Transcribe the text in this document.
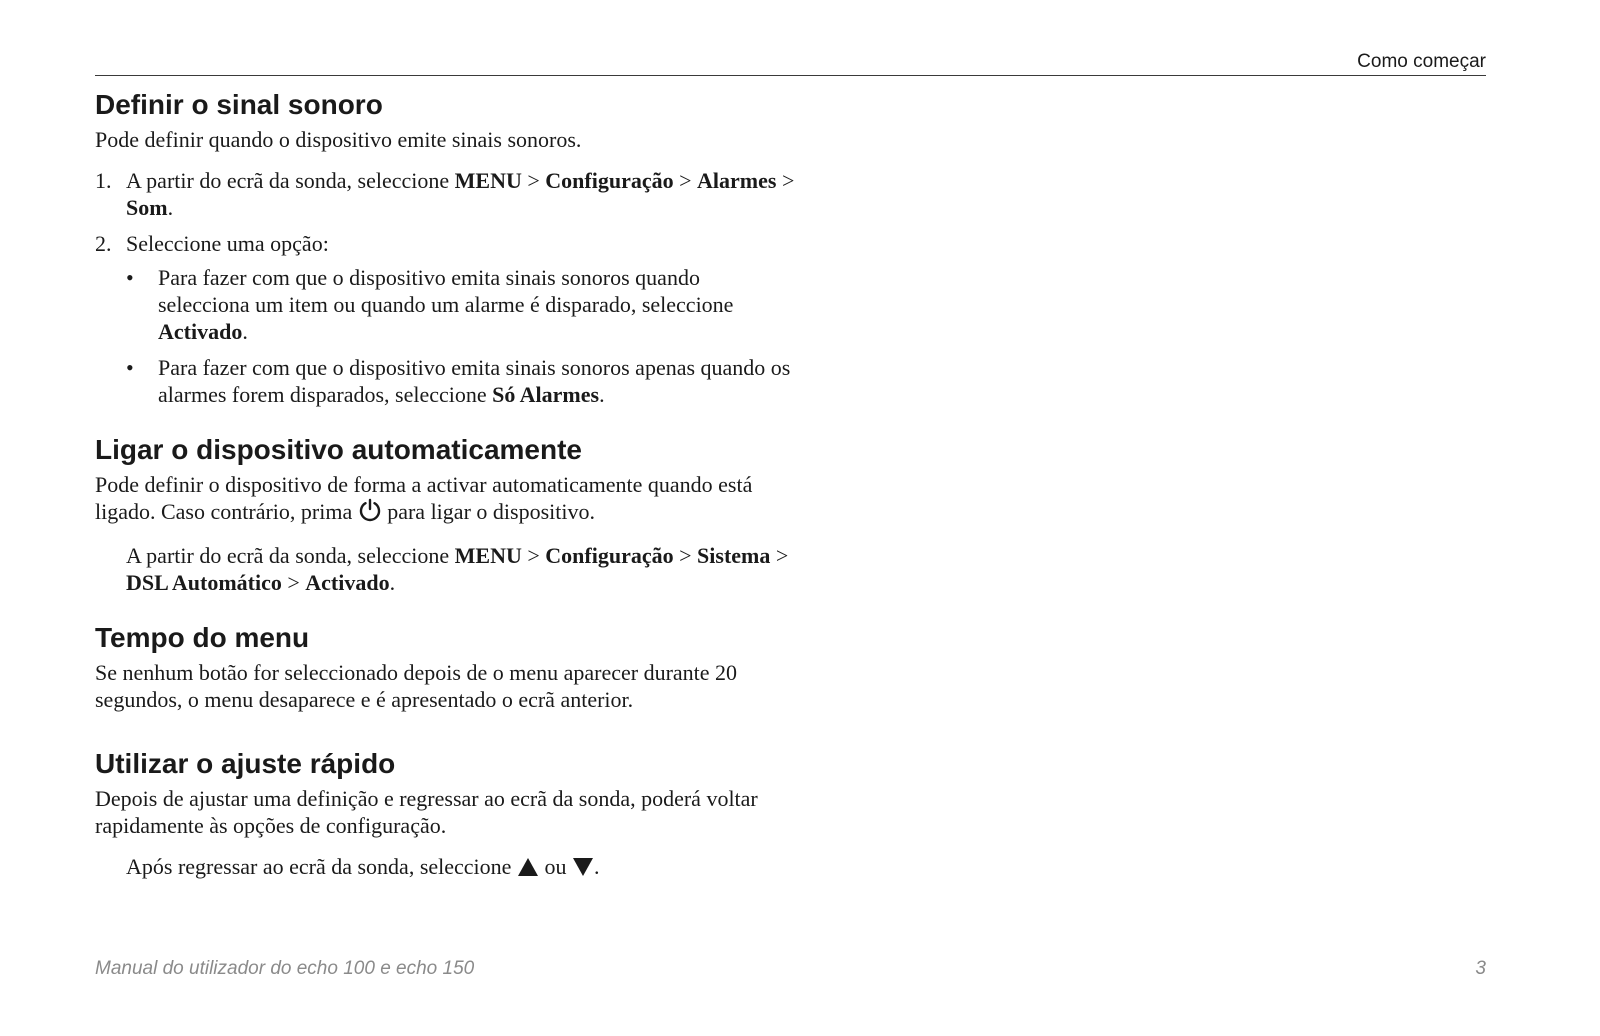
Como começar
Definir o sinal sonoro

Pode definir quando o dispositivo emite sinais sonoros.

1. A partir do ecrã da sonda, seleccione MENU > Configuração > Alarmes > Som.
2. Seleccione uma opção:
• Para fazer com que o dispositivo emita sinais sonoros quando selecciona um item ou quando um alarme é disparado, seleccione Activado.
• Para fazer com que o dispositivo emita sinais sonoros apenas quando os alarmes forem disparados, seleccione Só Alarmes.
Ligar o dispositivo automaticamente

Pode definir o dispositivo de forma a activar automaticamente quando está ligado. Caso contrário, prima  para ligar o dispositivo.

A partir do ecrã da sonda, seleccione MENU > Configuração > Sistema > DSL Automático > Activado.

Tempo do menu

Se nenhum botão for seleccionado depois de o menu aparecer durante 20 segundos, o menu desaparece e é apresentado o ecrã anterior.

Utilizar o ajuste rápido

Depois de ajustar uma definição e regressar ao ecrã da sonda, poderá voltar rapidamente às opções de configuração.

Após regressar ao ecrã da sonda, seleccione  ou .

Manual do utilizador do echo 100 e echo 150	3
